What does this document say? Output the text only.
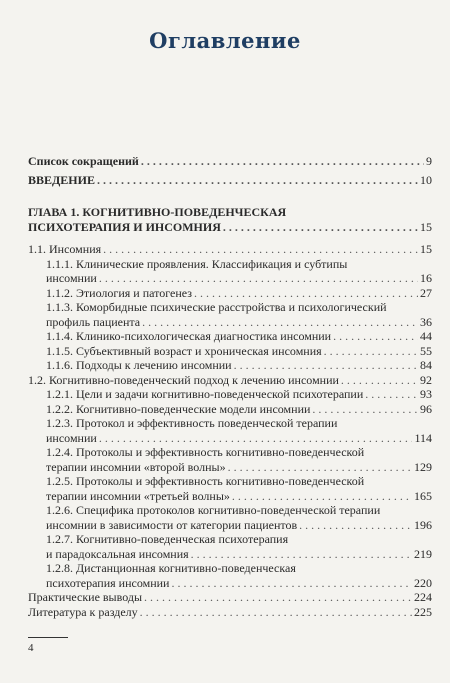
Оглавление
Список сокращений . . .	9
ВВЕДЕНИЕ . . .	10
ГЛАВА 1. КОГНИТИВНО-ПОВЕДЕНЧЕСКАЯ
ПСИХОТЕРАПИЯ И ИНСОМНИЯ . . .	15
1.1. Инсомния . . .	15
1.1.1. Клинические проявления. Классификация и субтипы
инсомнии . . .	16
1.1.2. Этиология и патогенез . . .	27
1.1.3. Коморбидные психические расстройства и психологический
профиль пациента . . .	36
1.1.4. Клинико-психологическая диагностика инсомнии . . .	44
1.1.5. Субъективный возраст и хроническая инсомния . . .	55
1.1.6. Подходы к лечению инсомнии . . .	84
1.2. Когнитивно-поведенческий подход к лечению инсомнии . . .	92
1.2.1. Цели и задачи когнитивно-поведенческой психотерапии . . .	93
1.2.2. Когнитивно-поведенческие модели инсомнии . . .	96
1.2.3. Протокол и эффективность поведенческой терапии
инсомнии . . .	114
1.2.4. Протоколы и эффективность когнитивно-поведенческой
терапии инсомнии «второй волны» . . .	129
1.2.5. Протоколы и эффективность когнитивно-поведенческой
терапии инсомнии «третьей волны» . . .	165
1.2.6. Специфика протоколов когнитивно-поведенческой терапии
инсомнии в зависимости от категории пациентов . . .	196
1.2.7. Когнитивно-поведенческая психотерапия
и парадоксальная инсомния . . .	219
1.2.8. Дистанционная когнитивно-поведенческая
психотерапия инсомнии . . .	220
Практические выводы . . .	224
Литература к разделу . . .	225
4
